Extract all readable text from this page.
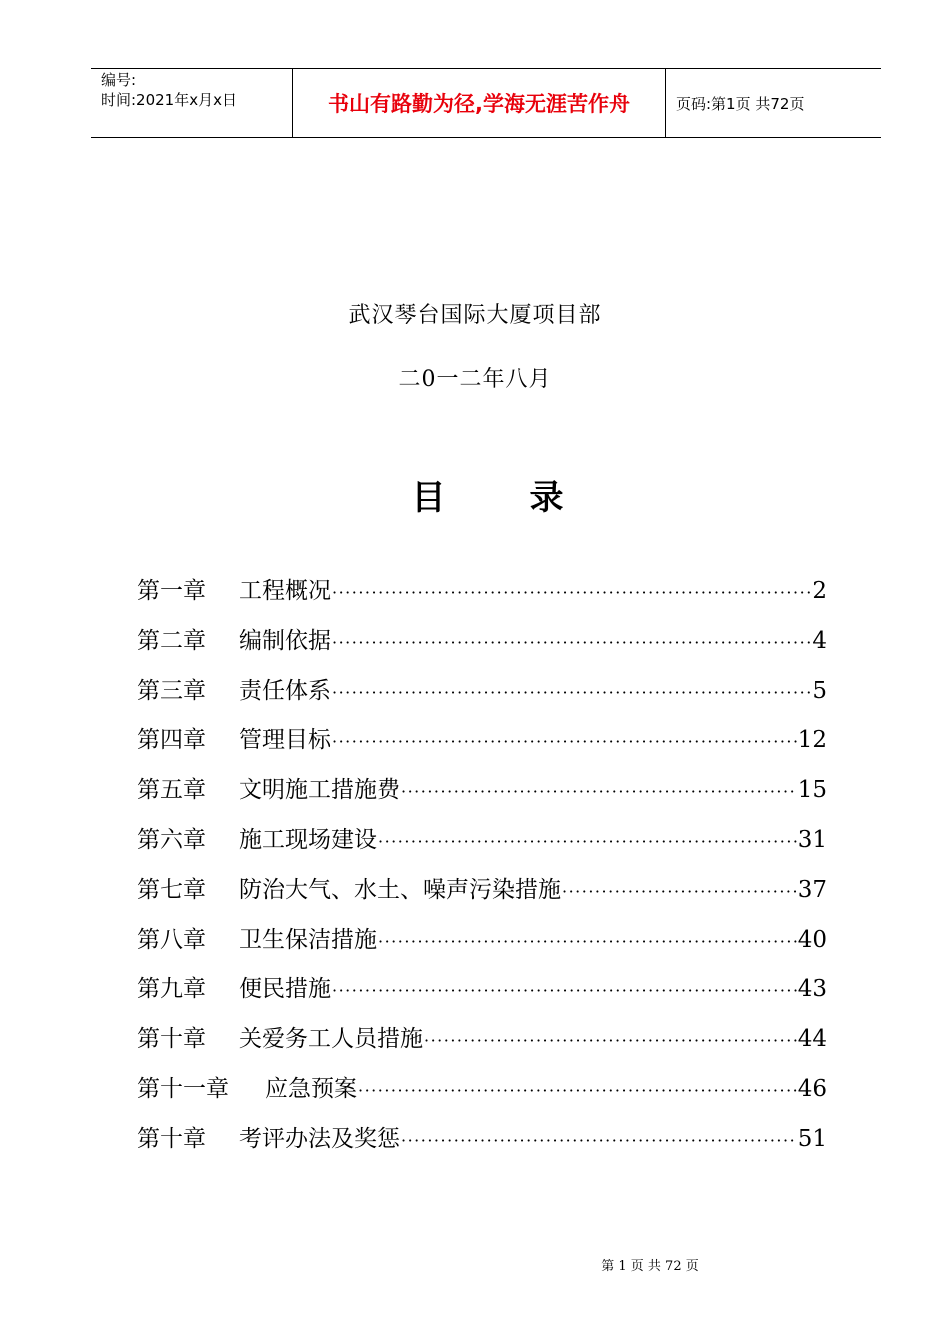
编号:
时间:2021年x月x日	书山有路勤为径,学海无涯苦作舟	页码:第1页 共72页
武汉琴台国际大厦项目部
二0一二年八月
目 录
第一章	工程概况 ·····	2
第二章	编制依据 ·····	4
第三章	责任体系 ·····	5
第四章	管理目标 ·····	12
第五章	文明施工措施费 ·····	15
第六章	施工现场建设 ·····	31
第七章	防治大气、水土、噪声污染措施 ·····	37
第八章	卫生保洁措施 ·····	40
第九章	便民措施 ·····	43
第十章	关爱务工人员措施 ·····	44
第十一章	应急预案 ·····	46
第十章	考评办法及奖惩 ·····	51
第 1 页 共 72 页
